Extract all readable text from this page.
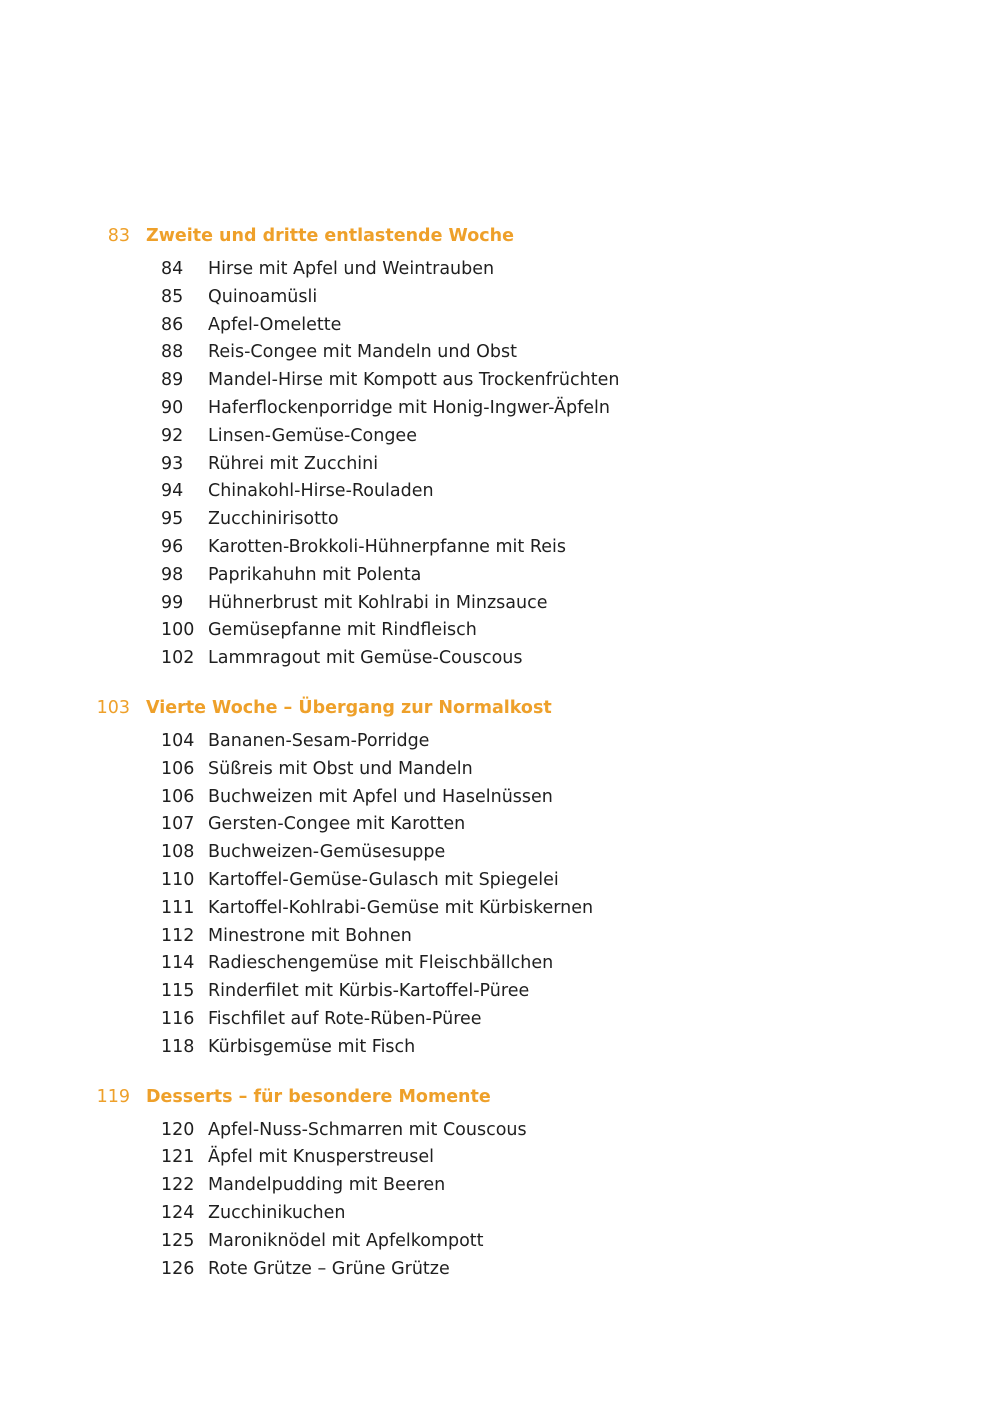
83 Zweite und dritte entlastende Woche
84	Hirse mit Apfel und Weintrauben
85	Quinoamüsli
86	Apfel-Omelette
88	Reis-Congee mit Mandeln und Obst
89	Mandel-Hirse mit Kompott aus Trockenfrüchten
90	Haferflockenporridge mit Honig-Ingwer-Äpfeln
92	Linsen-Gemüse-Congee
93	Rührei mit Zucchini
94	Chinakohl-Hirse-Rouladen
95	Zucchinirisotto
96	Karotten-Brokkoli-Hühnerpfanne mit Reis
98	Paprikahuhn mit Polenta
99	Hühnerbrust mit Kohlrabi in Minzsauce
100 Gemüsepfanne mit Rindfleisch
102 Lammragout mit Gemüse-Couscous
103 Vierte Woche – Übergang zur Normalkost
104 Bananen-Sesam-Porridge
106 Süßreis mit Obst und Mandeln
106 Buchweizen mit Apfel und Haselnüssen
107 Gersten-Congee mit Karotten
108 Buchweizen-Gemüsesuppe
110 Kartoffel-Gemüse-Gulasch mit Spiegelei
111 Kartoffel-Kohlrabi-Gemüse mit Kürbiskernen
112 Minestrone mit Bohnen
114 Radieschengemüse mit Fleischbällchen
115 Rinderfilet mit Kürbis-Kartoffel-Püree
116 Fischfilet auf Rote-Rüben-Püree
118 Kürbisgemüse mit Fisch
119 Desserts – für besondere Momente
120 Apfel-Nuss-Schmarren mit Couscous
121 Äpfel mit Knusperstreusel
122 Mandelpudding mit Beeren
124 Zucchinikuchen
125 Maroniknödel mit Apfelkompott
126 Rote Grütze – Grüne Grütze
